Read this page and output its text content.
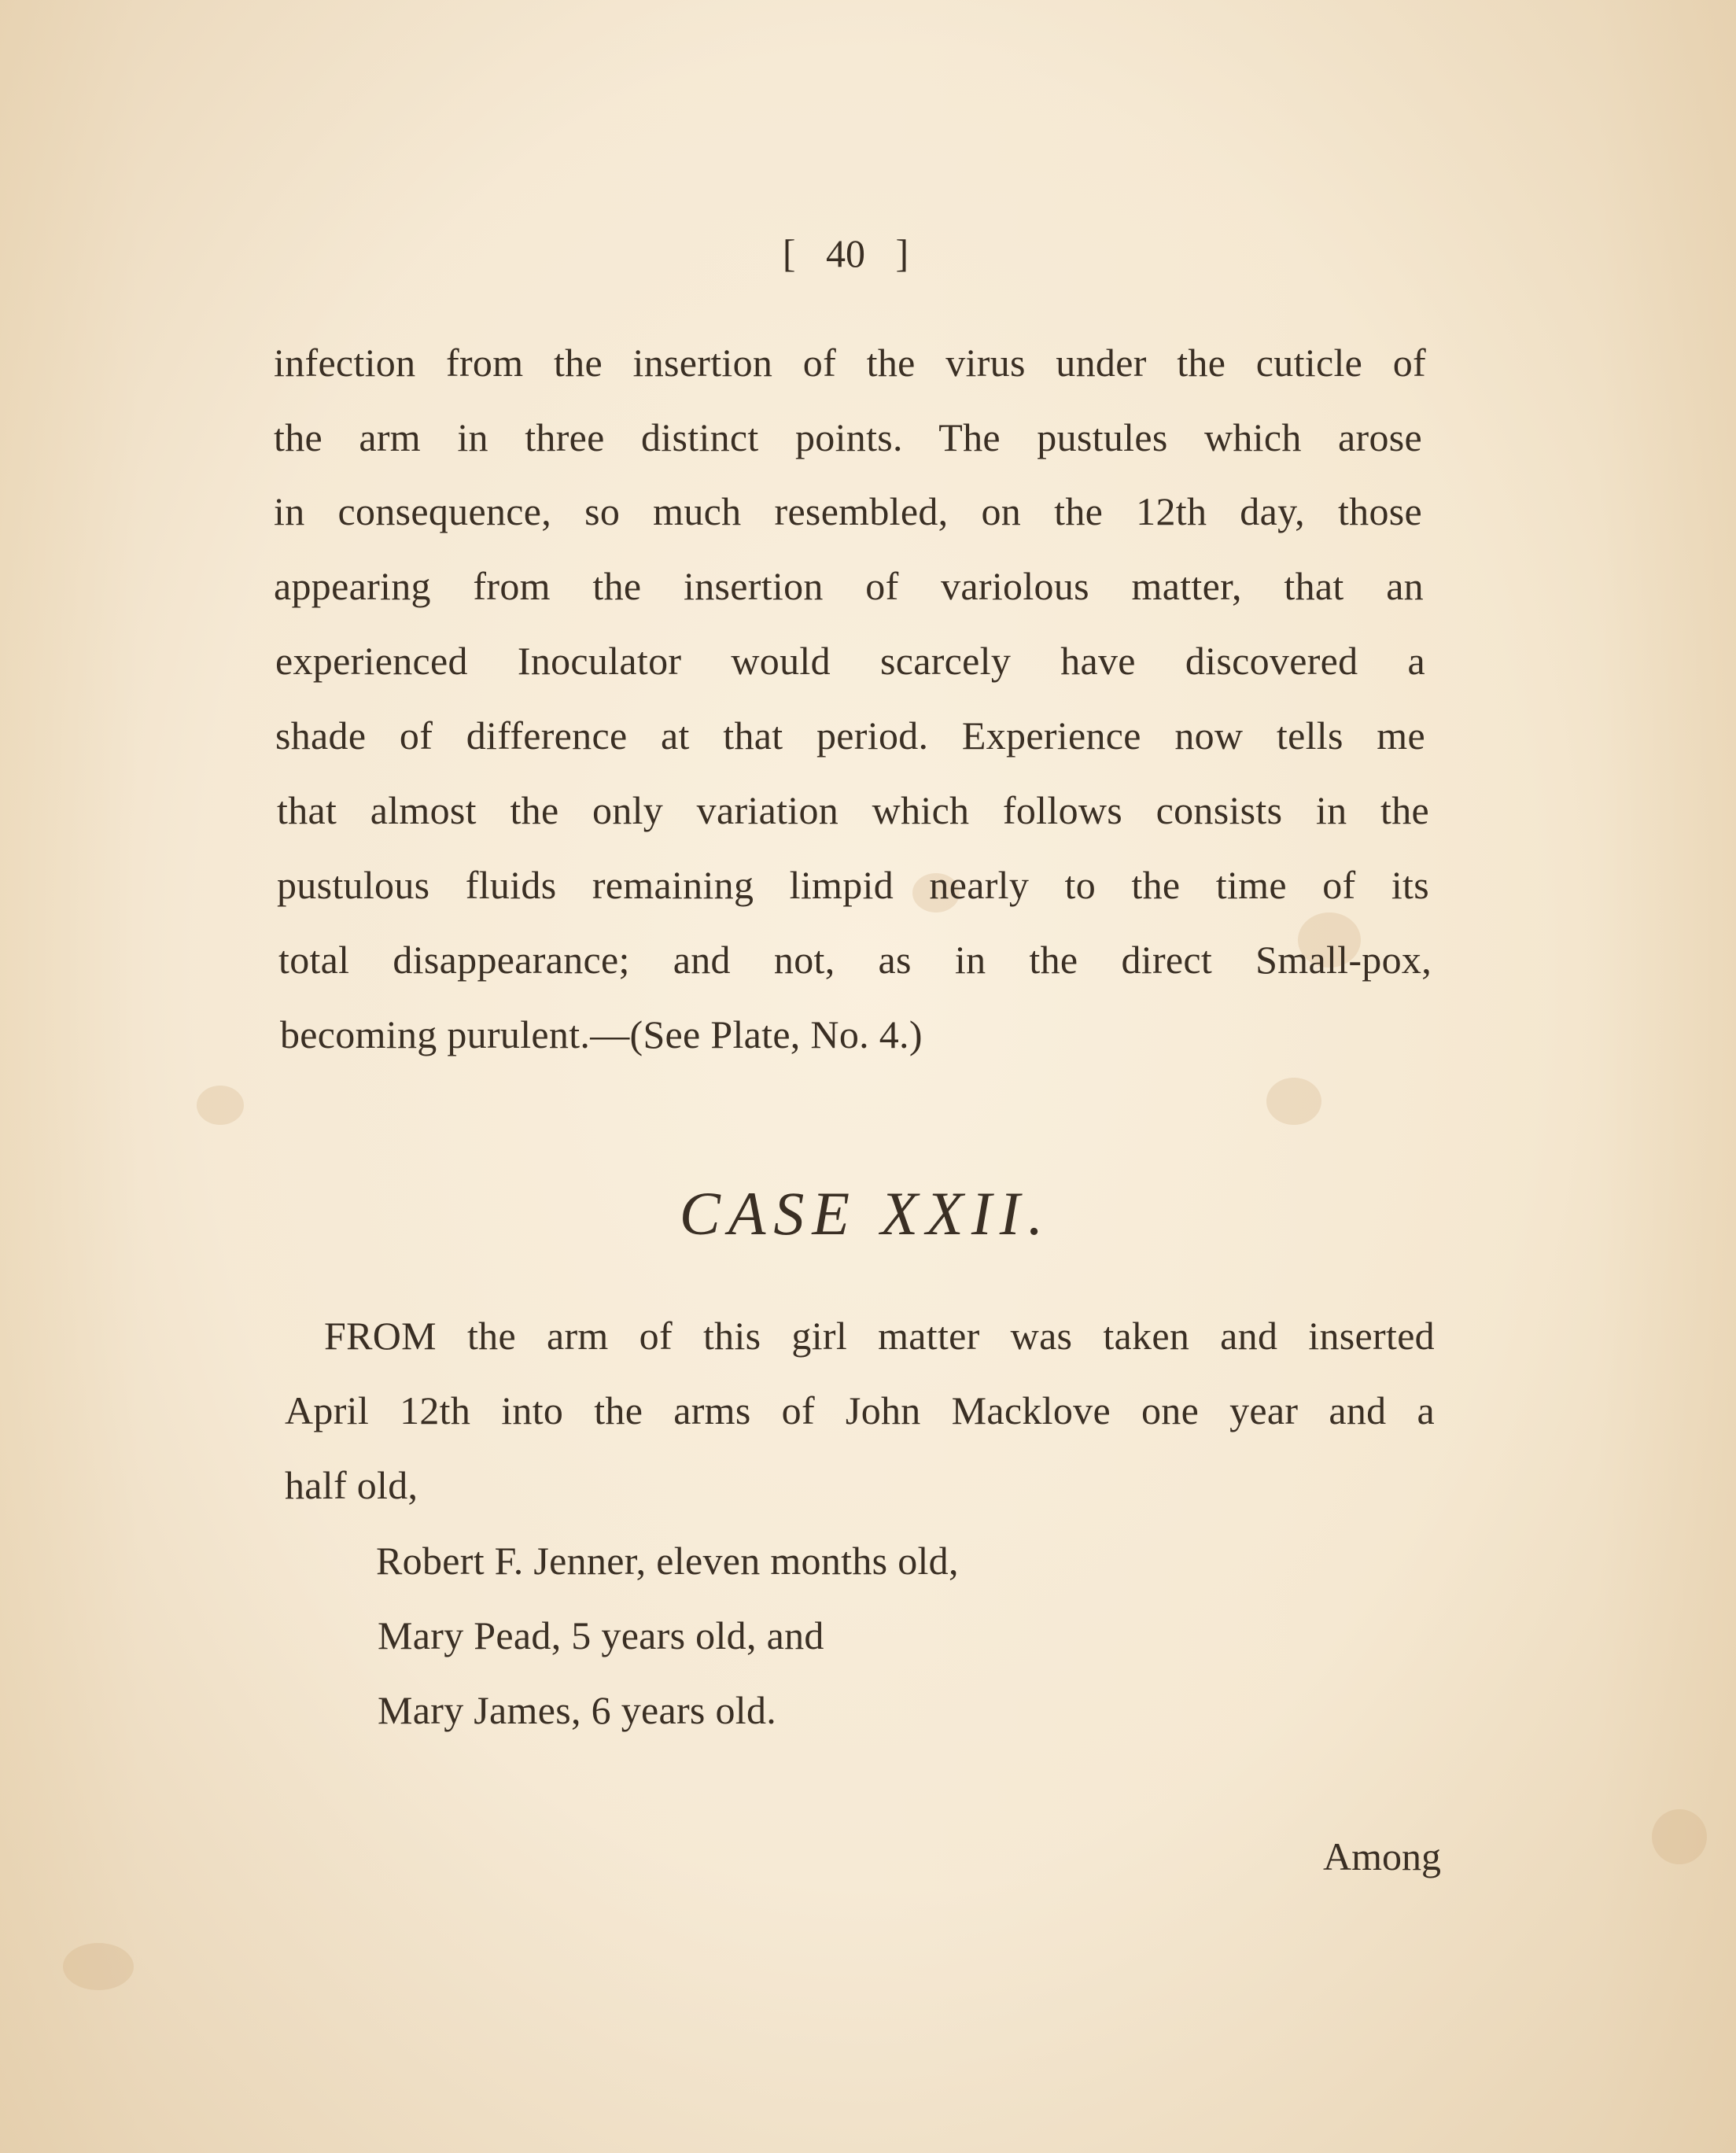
[ 40 ]
infection from the insertion of the virus under the cuticle of
the arm in three distinct points. The pustules which arose
in consequence, so much resembled, on the 12th day, those
appearing from the insertion of variolous matter, that an
experienced Inoculator would scarcely have discovered a
shade of difference at that period. Experience now tells me
that almost the only variation which follows consists in the
pustulous fluids remaining limpid nearly to the time of its
total disappearance; and not, as in the direct Small-pox,
becoming purulent.—(See Plate, No. 4.)
CASE XXII.
FROM the arm of this girl matter was taken and inserted
April 12th into the arms of John Macklove one year and a
half old,
Robert F. Jenner, eleven months old,
Mary Pead, 5 years old, and
Mary James, 6 years old.
Among
